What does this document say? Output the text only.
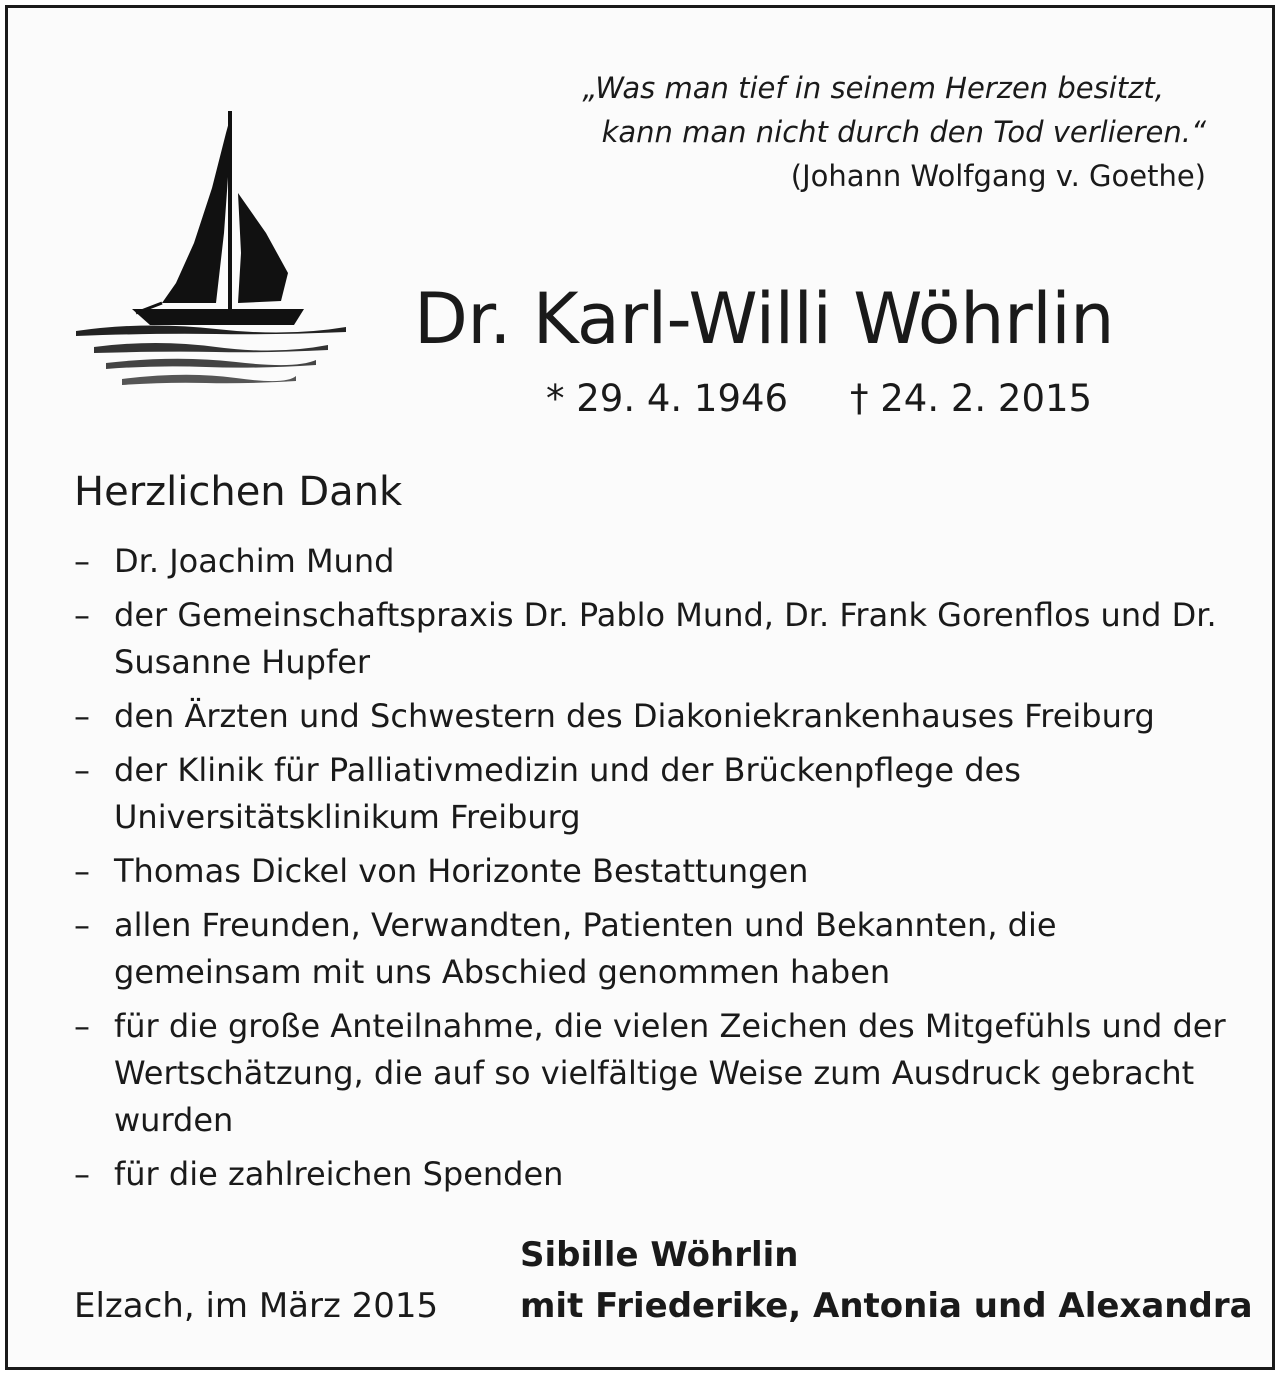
„Was man tief in seinem Herzen besitzt,
kann man nicht durch den Tod verlieren.“
(Johann Wolfgang v. Goethe)
Dr. Karl-Willi Wöhrlin
* 29. 4. 1946 † 24. 2. 2015
Herzlichen Dank
– Dr. Joachim Mund
– der Gemeinschaftspraxis Dr. Pablo Mund, Dr. Frank Gorenflos und Dr. Susanne Hupfer
– den Ärzten und Schwestern des Diakoniekrankenhauses Freiburg
– der Klinik für Palliativmedizin und der Brückenpflege des Universitätsklinikum Freiburg
– Thomas Dickel von Horizonte Bestattungen
– allen Freunden, Verwandten, Patienten und Bekannten, die gemeinsam mit uns Abschied genommen haben
– für die große Anteilnahme, die vielen Zeichen des Mitgefühls und der Wertschätzung, die auf so vielfältige Weise zum Ausdruck gebracht wurden
– für die zahlreichen Spenden
Elzach, im März 2015
Sibille Wöhrlin
mit Friederike, Antonia und Alexandra
